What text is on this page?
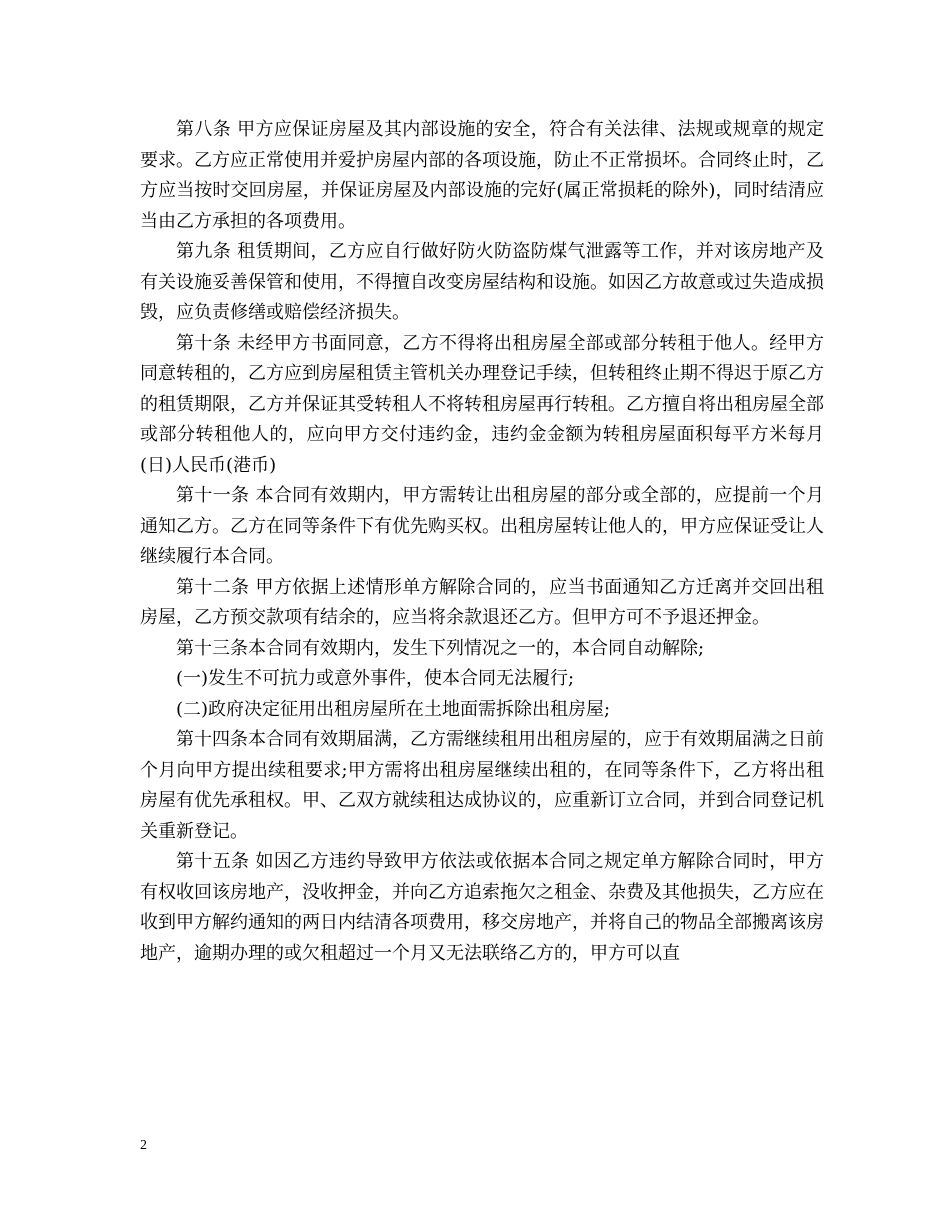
第八条 甲方应保证房屋及其内部设施的安全，符合有关法律、法规或规章的规定要求。乙方应正常使用并爱护房屋内部的各项设施，防止不正常损坏。合同终止时，乙方应当按时交回房屋，并保证房屋及内部设施的完好(属正常损耗的除外)，同时结清应当由乙方承担的各项费用。

第九条 租赁期间，乙方应自行做好防火防盗防煤气泄露等工作，并对该房地产及有关设施妥善保管和使用，不得擅自改变房屋结构和设施。如因乙方故意或过失造成损毁，应负责修缮或赔偿经济损失。

第十条 未经甲方书面同意，乙方不得将出租房屋全部或部分转租于他人。经甲方同意转租的，乙方应到房屋租赁主管机关办理登记手续，但转租终止期不得迟于原乙方的租赁期限，乙方并保证其受转租人不将转租房屋再行转租。乙方擅自将出租房屋全部或部分转租他人的，应向甲方交付违约金，违约金金额为转租房屋面积每平方米每月(日)人民币(港币)

第十一条 本合同有效期内，甲方需转让出租房屋的部分或全部的，应提前一个月通知乙方。乙方在同等条件下有优先购买权。出租房屋转让他人的，甲方应保证受让人继续履行本合同。

第十二条 甲方依据上述情形单方解除合同的，应当书面通知乙方迁离并交回出租房屋，乙方预交款项有结余的，应当将余款退还乙方。但甲方可不予退还押金。

第十三条本合同有效期内，发生下列情况之一的，本合同自动解除;

(一)发生不可抗力或意外事件，使本合同无法履行;

(二)政府决定征用出租房屋所在土地面需拆除出租房屋;

第十四条本合同有效期届满，乙方需继续租用出租房屋的，应于有效期届满之日前 个月向甲方提出续租要求;甲方需将出租房屋继续出租的，在同等条件下，乙方将出租房屋有优先承租权。甲、乙双方就续租达成协议的，应重新订立合同，并到合同登记机关重新登记。

第十五条 如因乙方违约导致甲方依法或依据本合同之规定单方解除合同时，甲方有权收回该房地产，没收押金，并向乙方追索拖欠之租金、杂费及其他损失，乙方应在收到甲方解约通知的两日内结清各项费用，移交房地产，并将自己的物品全部搬离该房地产，逾期办理的或欠租超过一个月又无法联络乙方的，甲方可以直

2
